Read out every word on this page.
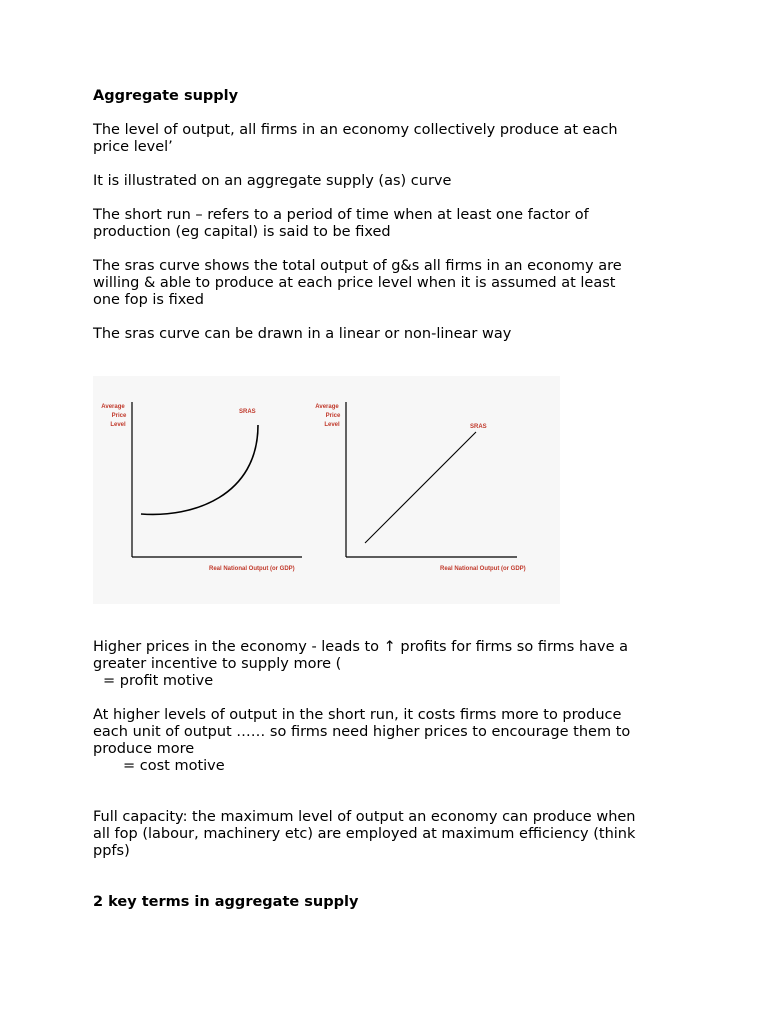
Aggregate supply

The level of output, all firms in an economy collectively produce at each

price level’

It is illustrated on an aggregate supply (as) curve

The short run – refers to a period of time when at least one factor of

production (eg capital) is said to be fixed

The sras curve shows the total output of g&s all firms in an economy are

willing & able to produce at each price level when it is assumed at least

one fop is fixed

The sras curve can be drawn in a linear or non-linear way

Average
Price
Level
SRAS
Real National Output (or GDP)
Average
Price
Level	SRAS
Real National Output (or GDP)

Higher prices in the economy - leads to ↑ profits for firms so firms have a

greater incentive to supply more (

= profit motive

At higher levels of output in the short run, it costs firms more to produce

each unit of output …… so firms need higher prices to encourage them to

produce more

= cost motive

Full capacity: the maximum level of output an economy can produce when

all fop (labour, machinery etc) are employed at maximum efficiency (think

ppfs)

2 key terms in aggregate supply
